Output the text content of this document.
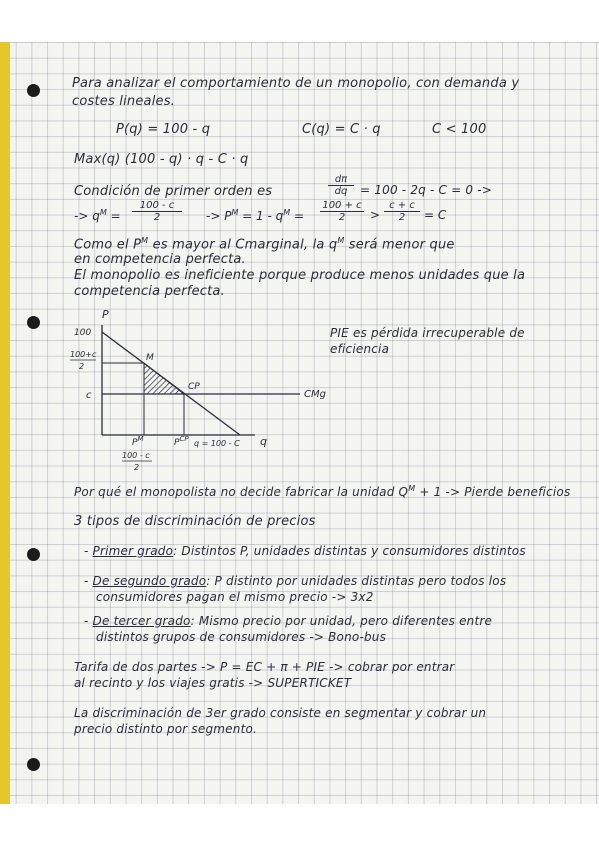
Para analizar el comportamiento de un monopolio, con demanda y
costes lineales.
P(q) = 100 - q	C(q) = C · q	C < 100
Max(q) (100 - q) · q - C · q
Condición de primer orden es	$\frac{d\pi}{dq} = 100 - 2q - C = 0$ ->
-> $q^M = \frac{100 - c}{2} -> P^M = 1 - q^M = \frac{100 + c}{2} > \frac{c + c}{2} = C$
Como el $P^M$ es mayor al Cmarginal, la $q^M$ será menor que
en competencia perfecta.
El monopolio es ineficiente porque produce menos unidades que la
competencia perfecta.
P
100
100+c
2
c
M
CP
CMg
q
$P^M$
100 - c
2
$P^{CP}$ q = 100 - C
PIE es pérdida irrecuperable de
eficiencia
Por qué el monopolista no decide fabricar la unidad $Q^M + 1$ -> Pierde beneficios
3 tipos de discriminación de precios
- Primer grado: Distintos P, unidades distintas y consumidores distintos
- De segundo grado: P distinto por unidades distintas pero todos los
consumidores pagan el mismo precio -> 3x2
- De tercer grado: Mismo precio por unidad, pero diferentes entre
distintos grupos de consumidores -> Bono-bus
Tarifa de dos partes -> P = EC + π + PIE -> cobrar por entrar
al recinto y los viajes gratis -> SUPERTICKET
La discriminación de 3er grado consiste en segmentar y cobrar un
precio distinto por segmento.
